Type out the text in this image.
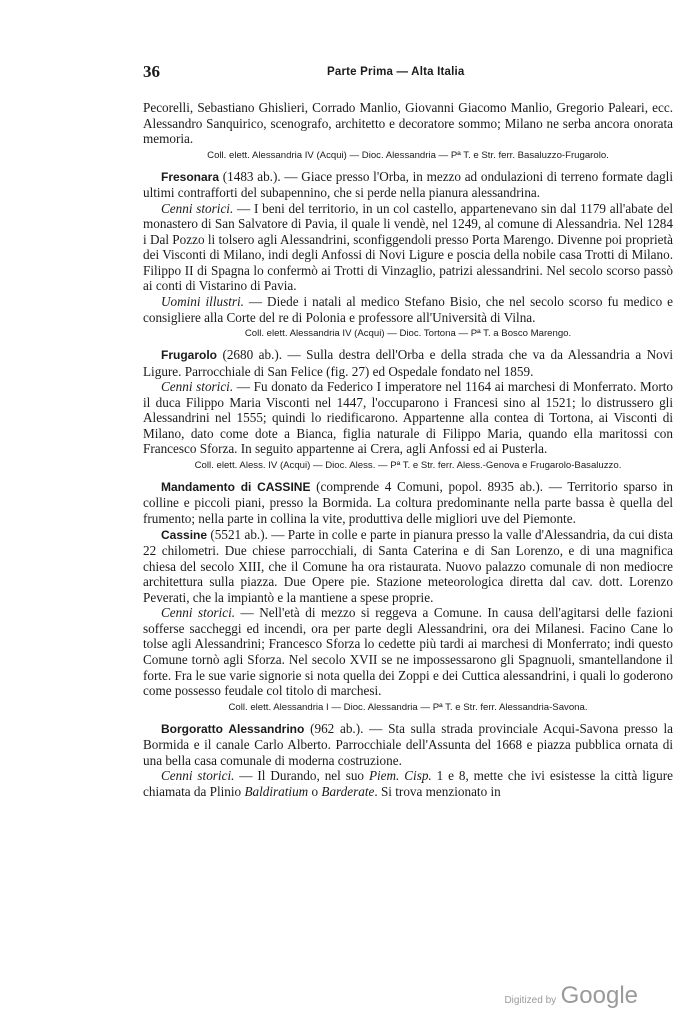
36	Parte Prima — Alta Italia

Pecorelli, Sebastiano Ghislieri, Corrado Manlio, Giovanni Giacomo Manlio, Gregorio Paleari, ecc. Alessandro Sanquirico, scenografo, architetto e decoratore sommo; Milano ne serba ancora onorata memoria.

Coll. elett. Alessandria IV (Acqui) — Dioc. Alessandria — Pª T. e Str. ferr. Basaluzzo-Frugarolo.

Fresonara (1483 ab.). — Giace presso l'Orba, in mezzo ad ondulazioni di terreno formate dagli ultimi contrafforti del subapennino, che si perde nella pianura alessandrina.

Cenni storici. — I beni del territorio, in un col castello, appartenevano sin dal 1179 all'abate del monastero di San Salvatore di Pavia, il quale li vendè, nel 1249, al comune di Alessandria. Nel 1284 i Dal Pozzo li tolsero agli Alessandrini, sconfiggendoli presso Porta Marengo. Divenne poi proprietà dei Visconti di Milano, indi degli Anfossi di Novi Ligure e poscia della nobile casa Trotti di Milano. Filippo II di Spagna lo confermò ai Trotti di Vinzaglio, patrizi alessandrini. Nel secolo scorso passò ai conti di Vistarino di Pavia.

Uomini illustri. — Diede i natali al medico Stefano Bisio, che nel secolo scorso fu medico e consigliere alla Corte del re di Polonia e professore all'Università di Vilna.

Coll. elett. Alessandria IV (Acqui) — Dioc. Tortona — Pª T. a Bosco Marengo.

Frugarolo (2680 ab.). — Sulla destra dell'Orba e della strada che va da Alessandria a Novi Ligure. Parrocchiale di San Felice (fig. 27) ed Ospedale fondato nel 1859.

Cenni storici. — Fu donato da Federico I imperatore nel 1164 ai marchesi di Monferrato. Morto il duca Filippo Maria Visconti nel 1447, l'occuparono i Francesi sino al 1521; lo distrussero gli Alessandrini nel 1555; quindi lo riedificarono. Appartenne alla contea di Tortona, ai Visconti di Milano, dato come dote a Bianca, figlia naturale di Filippo Maria, quando ella maritossi con Francesco Sforza. In seguito appartenne ai Crera, agli Anfossi ed ai Pusterla.

Coll. elett. Aless. IV (Acqui) — Dioc. Aless. — Pª T. e Str. ferr. Aless.-Genova e Frugarolo-Basaluzzo.

Mandamento di CASSINE (comprende 4 Comuni, popol. 8935 ab.). — Territorio sparso in colline e piccoli piani, presso la Bormida. La coltura predominante nella parte bassa è quella del frumento; nella parte in collina la vite, produttiva delle migliori uve del Piemonte.

Cassine (5521 ab.). — Parte in colle e parte in pianura presso la valle d'Alessandria, da cui dista 22 chilometri. Due chiese parrocchiali, di Santa Caterina e di San Lorenzo, e di una magnifica chiesa del secolo XIII, che il Comune ha ora ristaurata. Nuovo palazzo comunale di non mediocre architettura sulla piazza. Due Opere pie. Stazione meteorologica diretta dal cav. dott. Lorenzo Peverati, che la impiantò e la mantiene a spese proprie.

Cenni storici. — Nell'età di mezzo si reggeva a Comune. In causa dell'agitarsi delle fazioni sofferse saccheggi ed incendi, ora per parte degli Alessandrini, ora dei Milanesi. Facino Cane lo tolse agli Alessandrini; Francesco Sforza lo cedette più tardi ai marchesi di Monferrato; indi questo Comune tornò agli Sforza. Nel secolo XVII se ne impossessarono gli Spagnuoli, smantellandone il forte. Fra le sue varie signorie si nota quella dei Zoppi e dei Cuttica alessandrini, i quali lo goderono come possesso feudale col titolo di marchesi.

Coll. elett. Alessandria I — Dioc. Alessandria — Pª T. e Str. ferr. Alessandria-Savona.

Borgoratto Alessandrino (962 ab.). — Sta sulla strada provinciale Acqui-Savona presso la Bormida e il canale Carlo Alberto. Parrocchiale dell'Assunta del 1668 e piazza pubblica ornata di una bella casa comunale di moderna costruzione.

Cenni storici. — Il Durando, nel suo Piem. Cisp. 1 e 8, mette che ivi esistesse la città ligure chiamata da Plinio Baldiratium o Barderate. Si trova menzionato in

Digitized by Google
